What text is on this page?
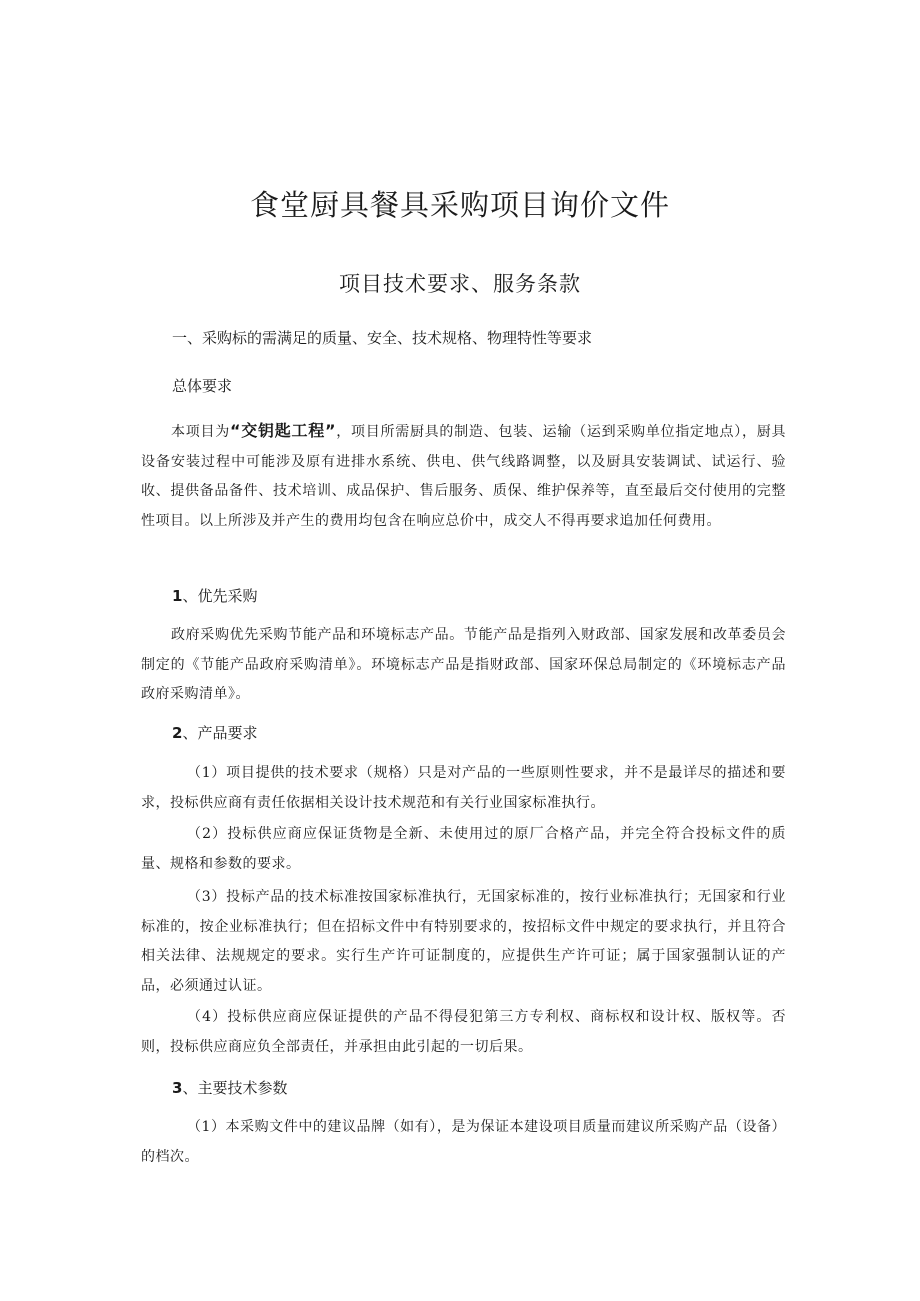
食堂厨具餐具采购项目询价文件
项目技术要求、服务条款
一、采购标的需满足的质量、安全、技术规格、物理特性等要求
总体要求

本项目为“交钥匙工程”，项目所需厨具的制造、包装、运输（运到采购单位指定地点），厨具设备安装过程中可能涉及原有进排水系统、供电、供气线路调整，以及厨具安装调试、试运行、验收、提供备品备件、技术培训、成品保护、售后服务、质保、维护保养等，直至最后交付使用的完整性项目。以上所涉及并产生的费用均包含在响应总价中，成交人不得再要求追加任何费用。

1、优先采购

政府采购优先采购节能产品和环境标志产品。节能产品是指列入财政部、国家发展和改革委员会制定的《节能产品政府采购清单》。环境标志产品是指财政部、国家环保总局制定的《环境标志产品政府采购清单》。

2、产品要求

（1）项目提供的技术要求（规格）只是对产品的一些原则性要求，并不是最详尽的描述和要求，投标供应商有责任依据相关设计技术规范和有关行业国家标准执行。

（2）投标供应商应保证货物是全新、未使用过的原厂合格产品，并完全符合投标文件的质量、规格和参数的要求。

（3）投标产品的技术标准按国家标准执行，无国家标准的，按行业标准执行；无国家和行业标准的，按企业标准执行；但在招标文件中有特别要求的，按招标文件中规定的要求执行，并且符合相关法律、法规规定的要求。实行生产许可证制度的，应提供生产许可证；属于国家强制认证的产品，必须通过认证。

（4）投标供应商应保证提供的产品不得侵犯第三方专利权、商标权和设计权、版权等。否则，投标供应商应负全部责任，并承担由此引起的一切后果。

3、主要技术参数

（1）本采购文件中的建议品牌（如有），是为保证本建设项目质量而建议所采购产品（设备）的档次。
